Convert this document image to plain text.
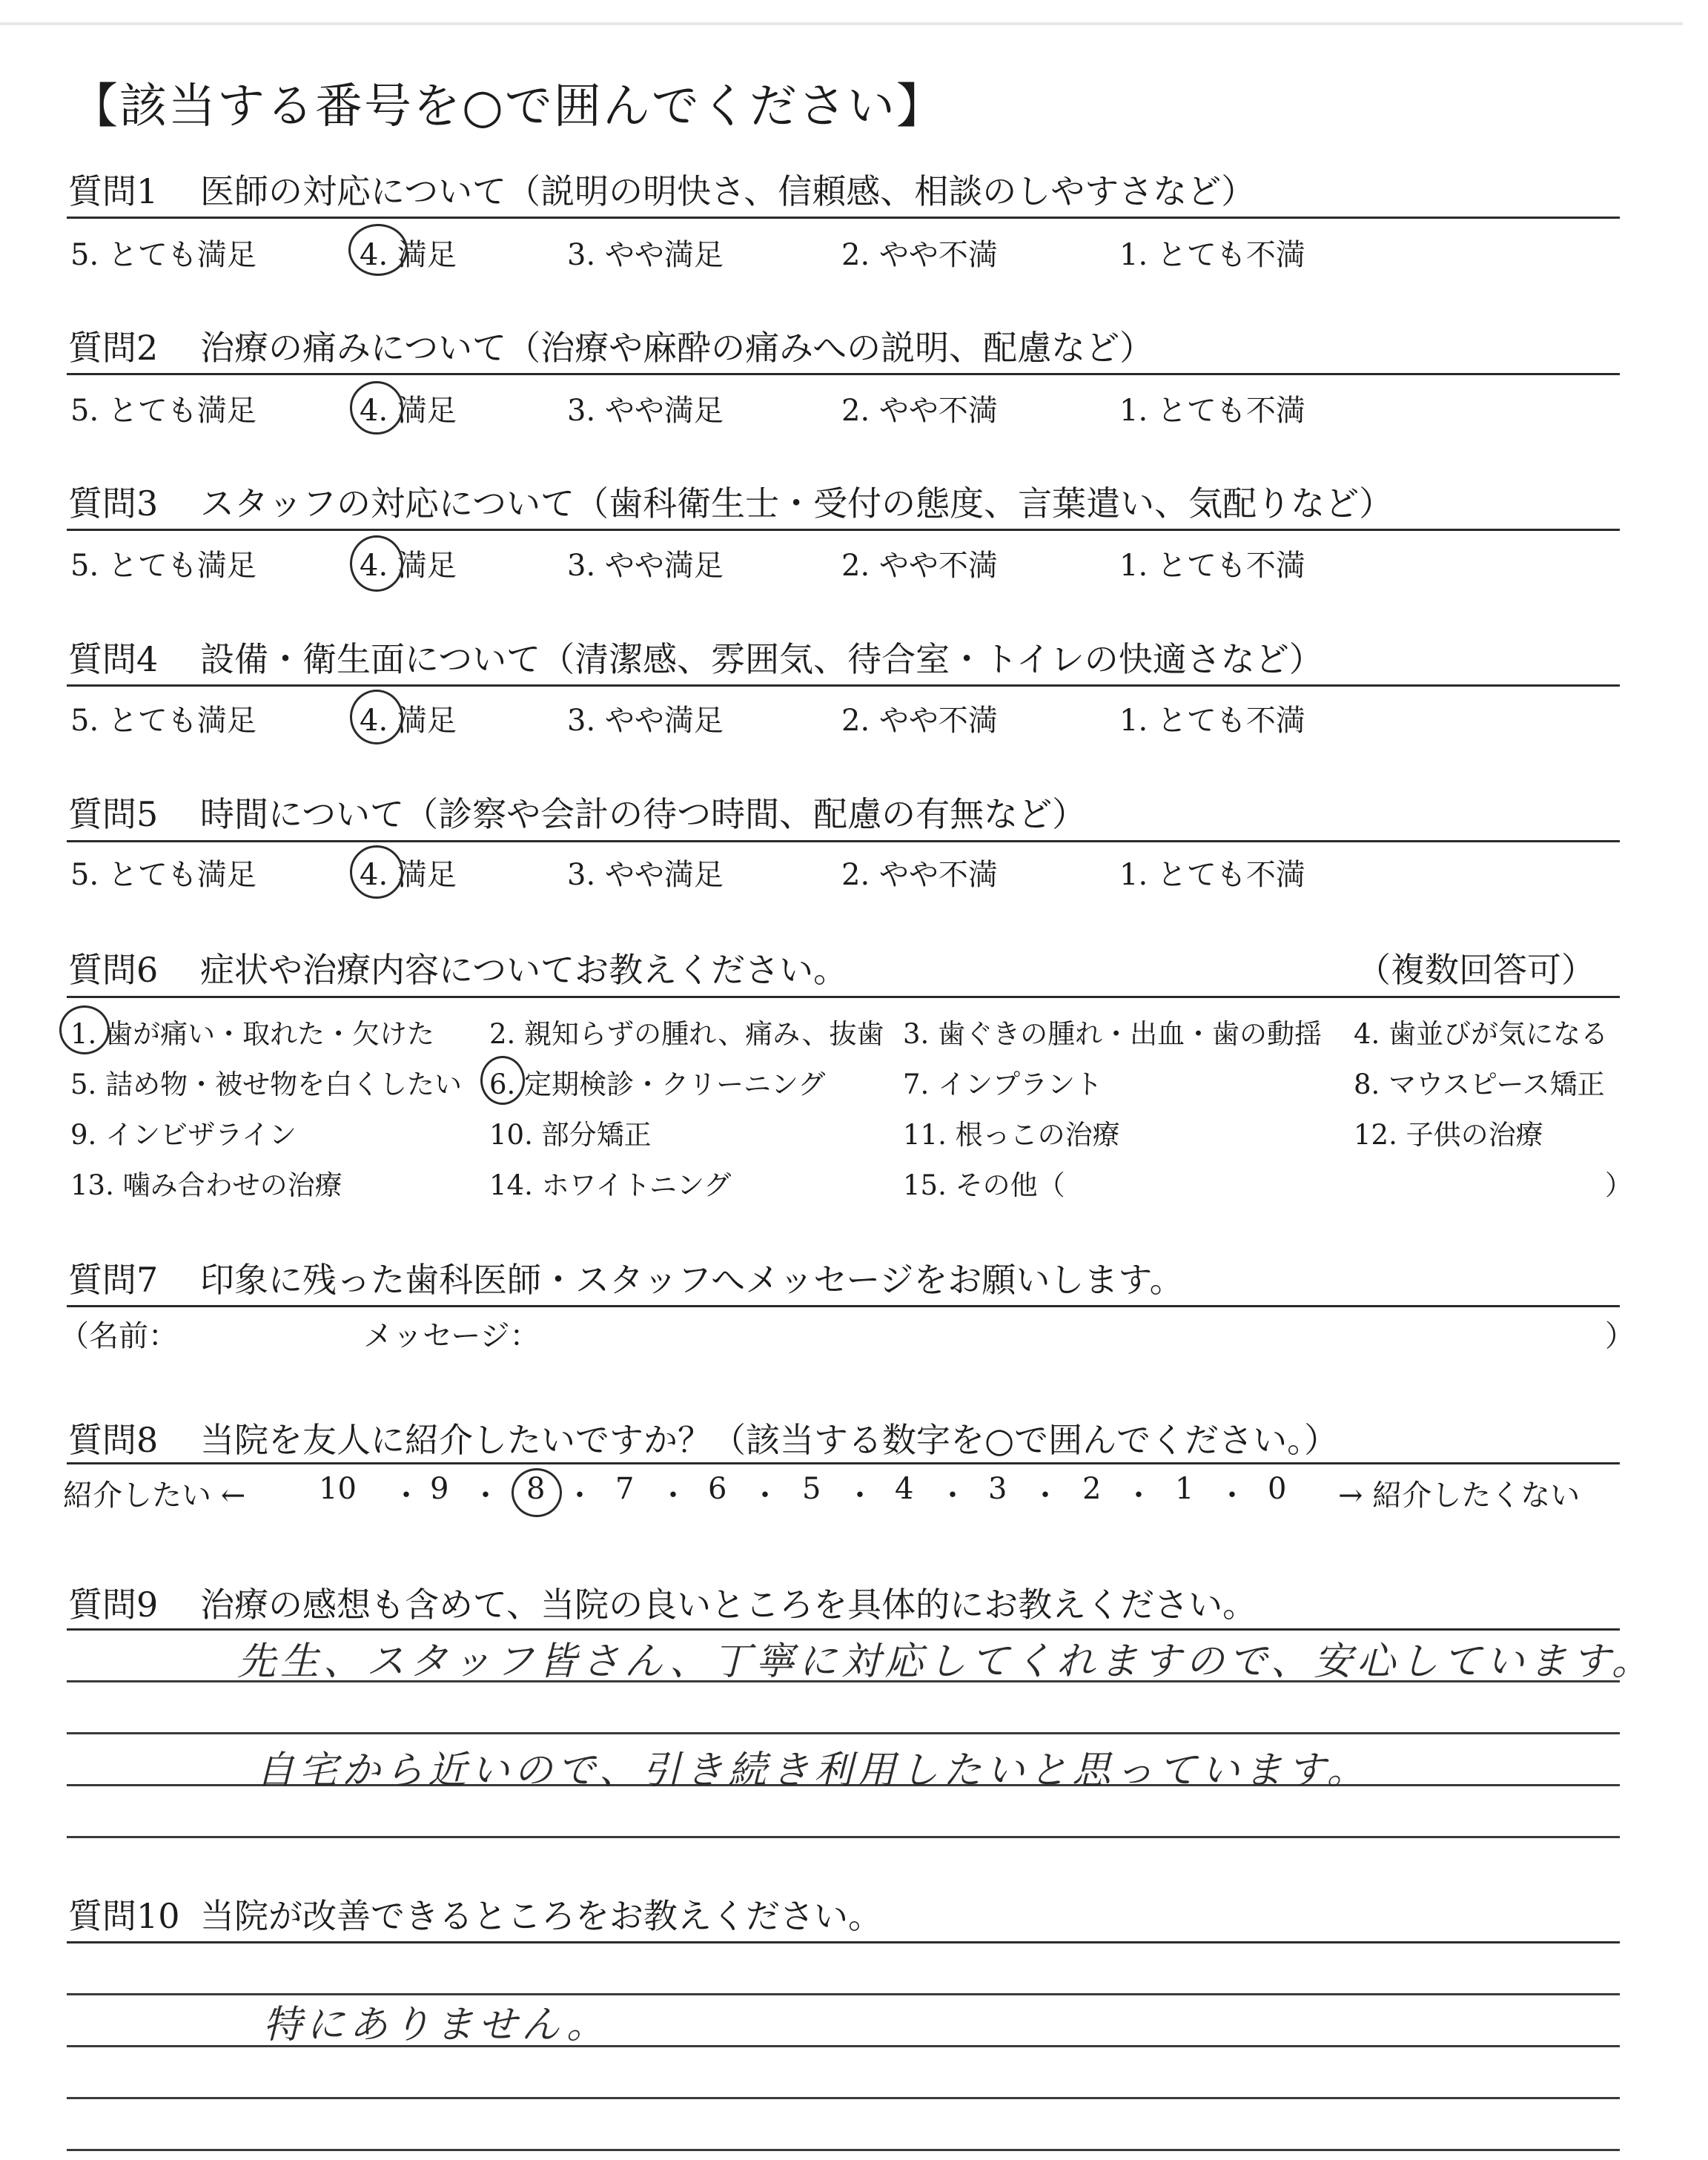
【該当する番号を○で囲んでください】
質問1 医師の対応について（説明の明快さ、信頼感、相談のしやすさなど）
5. とても満足	4. 満足	3. やや満足	2. やや不満	1. とても不満
質問2 治療の痛みについて（治療や麻酔の痛みへの説明、配慮など）
5. とても満足	4. 満足	3. やや満足	2. やや不満	1. とても不満
質問3 スタッフの対応について（歯科衛生士・受付の態度、言葉遣い、気配りなど）
5. とても満足	4. 満足	3. やや満足	2. やや不満	1. とても不満
質問4 設備・衛生面について（清潔感、雰囲気、待合室・トイレの快適さなど）
5. とても満足	4. 満足	3. やや満足	2. やや不満	1. とても不満
質問5 時間について（診察や会計の待つ時間、配慮の有無など）
5. とても満足	4. 満足	3. やや満足	2. やや不満	1. とても不満
質問6 症状や治療内容についてお教えください。	（複数回答可）
1. 歯が痛い・取れた・欠けた 2. 親知らずの腫れ、痛み、抜歯 3. 歯ぐきの腫れ・出血・歯の動揺 4. 歯並びが気になる
5. 詰め物・被せ物を白くしたい 6. 定期検診・クリーニング	7. インプラント	8. マウスピース矯正
9. インビザライン	10. 部分矯正	11. 根っこの治療	12. 子供の治療
13. 噛み合わせの治療	14. ホワイトニング	15. その他（	）
質問7 印象に残った歯科医師・スタッフへメッセージをお願いします。
（名前：	メッセージ：	）
質問8 当院を友人に紹介したいですか？（該当する数字を○で囲んでください。）
紹介したい ← 10 ・ 9 ・ 8 ・ 7 ・ 6 ・ 5 ・ 4 ・ 3 ・ 2 ・ 1 ・ 0 → 紹介したくない
質問9 治療の感想も含めて、当院の良いところを具体的にお教えください。
先生、スタッフ皆さん、丁寧に対応してくれますので、安心しています。
自宅から近いので、引き続き利用したいと思っています。
質問10 当院が改善できるところをお教えください。
特にありません。
